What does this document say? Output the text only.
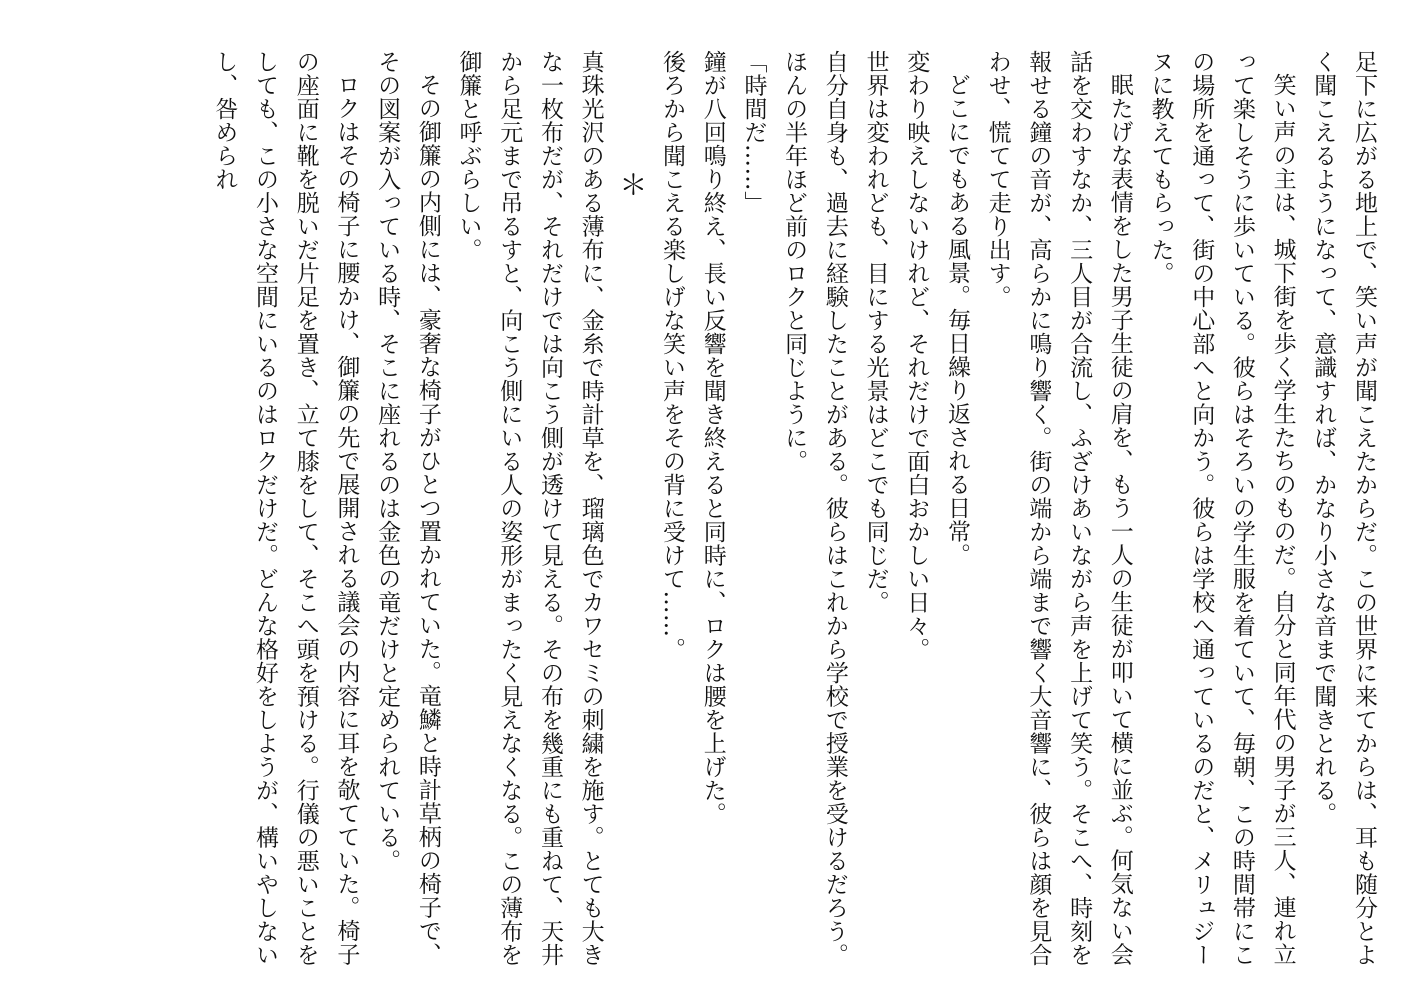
足下に広がる地上で、笑い声が聞こえたからだ。この世界に来てからは、耳も随分とよく聞こえるようになって、意識すれば、かなり小さな音まで聞きとれる。

笑い声の主は、城下街を歩く学生たちのものだ。自分と同年代の男子が三人、連れ立って楽しそうに歩いている。彼らはそろいの学生服を着ていて、毎朝、この時間帯にこの場所を通って、街の中心部へと向かう。彼らは学校へ通っているのだと、メリュジーヌに教えてもらった。

眠たげな表情をした男子生徒の肩を、もう一人の生徒が叩いて横に並ぶ。何気ない会話を交わすなか、三人目が合流し、ふざけあいながら声を上げて笑う。そこへ、時刻を報せる鐘の音が、高らかに鳴り響く。街の端から端まで響く大音響に、彼らは顔を見合わせ、慌てて走り出す。

どこにでもある風景。毎日繰り返される日常。

変わり映えしないけれど、それだけで面白おかしい日々。

世界は変われども、目にする光景はどこでも同じだ。

自分自身も、過去に経験したことがある。彼らはこれから学校で授業を受けるだろう。ほんの半年ほど前のロクと同じように。

「時間だ……」

鐘が八回鳴り終え、長い反響を聞き終えると同時に、ロクは腰を上げた。

後ろから聞こえる楽しげな笑い声をその背に受けて……。

＊

真珠光沢のある薄布に、金糸で時計草を、瑠璃色でカワセミの刺繍を施す。とても大きな一枚布だが、それだけでは向こう側が透けて見える。その布を幾重にも重ねて、天井から足元まで吊るすと、向こう側にいる人の姿形がまったく見えなくなる。この薄布を御簾と呼ぶらしい。

その御簾の内側には、豪奢な椅子がひとつ置かれていた。竜鱗と時計草柄の椅子で、その図案が入っている時、そこに座れるのは金色の竜だけと定められている。

ロクはその椅子に腰かけ、御簾の先で展開される議会の内容に耳を欹てていた。椅子の座面に靴を脱いだ片足を置き、立て膝をして、そこへ頭を預ける。行儀の悪いことをしても、この小さな空間にいるのはロクだけだ。どんな格好をしようが、構いやしないし、咎められ
